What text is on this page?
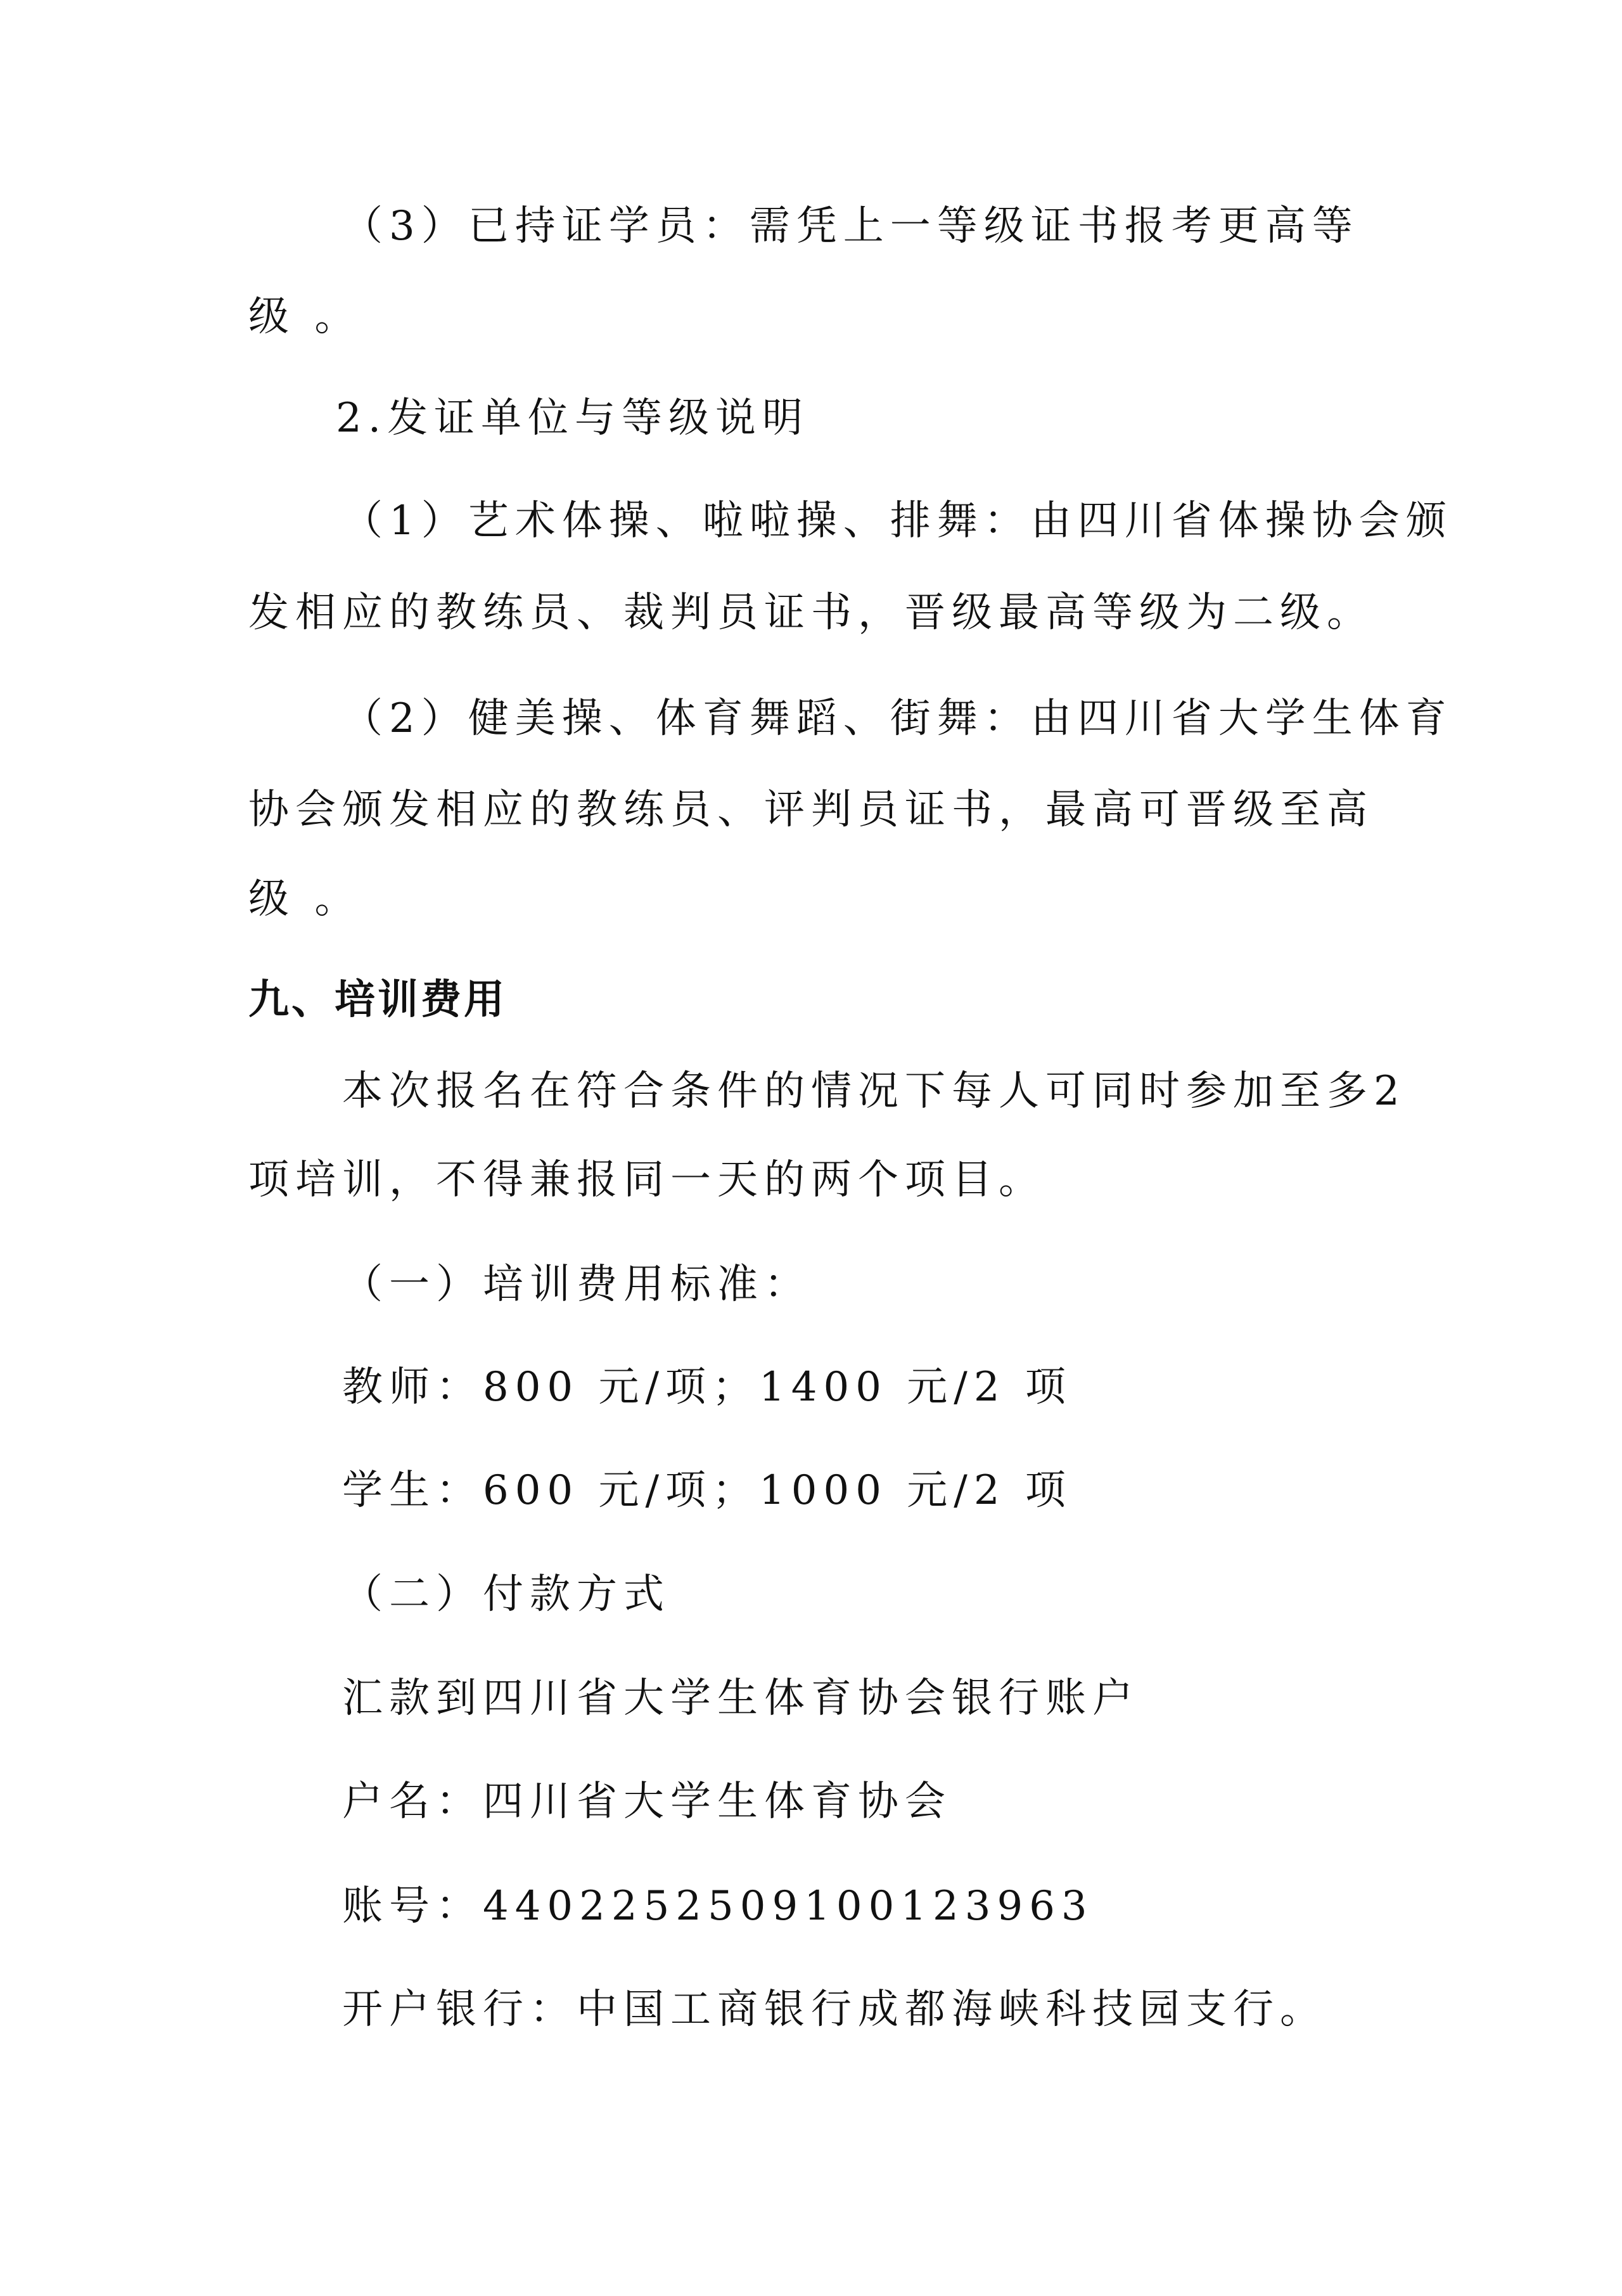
（3）已持证学员：需凭上一等级证书报考更高等
级 。
2.发证单位与等级说明
（1）艺术体操、啦啦操、排舞：由四川省体操协会颁
发相应的教练员、裁判员证书，晋级最高等级为二级。
（2）健美操、体育舞蹈、街舞：由四川省大学生体育
协会颁发相应的教练员、评判员证书，最高可晋级至高
级 。
九、培训费用
本次报名在符合条件的情况下每人可同时参加至多2
项培训，不得兼报同一天的两个项目。
（一）培训费用标准：
教师：800 元/项；1400 元/2 项
学生：600 元/项；1000 元/2 项
（二）付款方式
汇款到四川省大学生体育协会银行账户
户名：四川省大学生体育协会
账号：4402252509100123963
开户银行：中国工商银行成都海峡科技园支行。
